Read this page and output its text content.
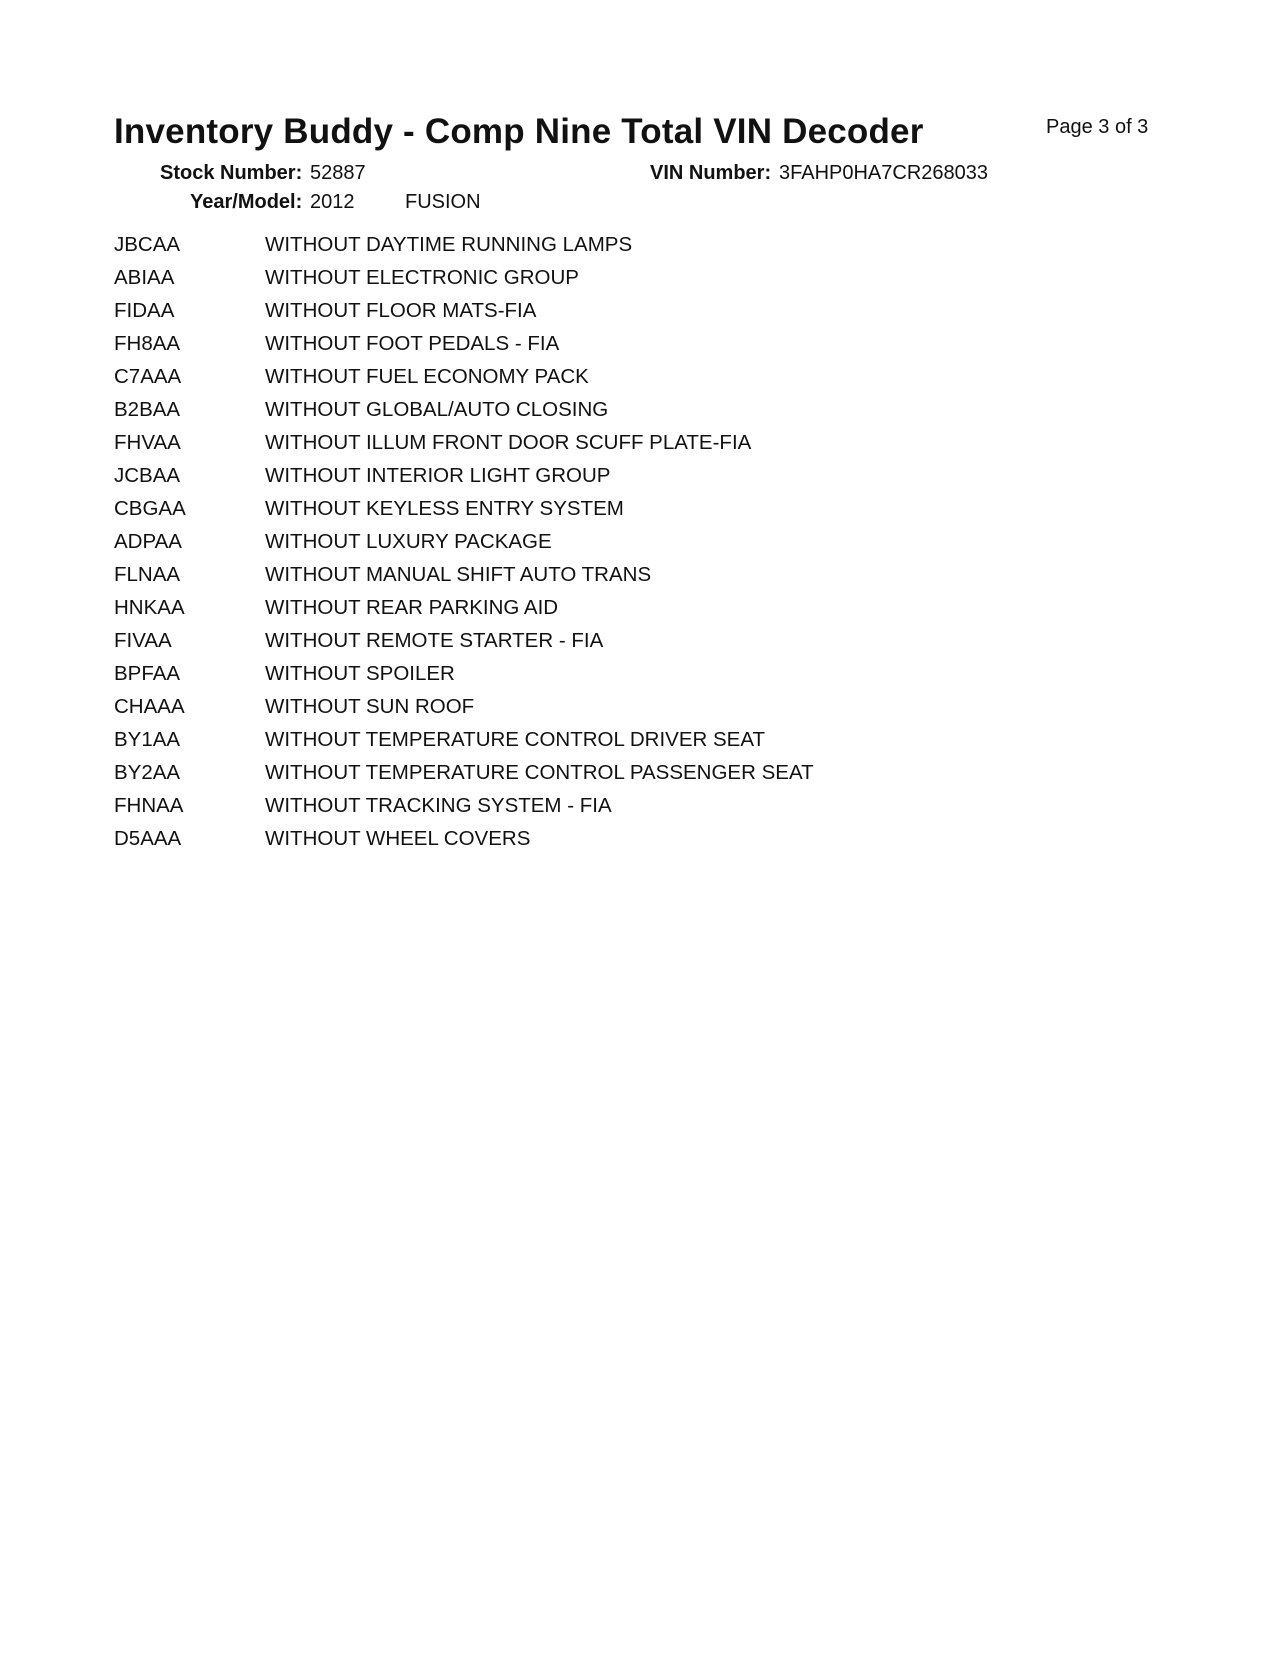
Inventory Buddy - Comp Nine Total VIN Decoder	Page 3 of 3
Stock Number: 52887	VIN Number: 3FAHP0HA7CR268033
Year/Model: 2012	FUSION
JBCAA	WITHOUT DAYTIME RUNNING LAMPS
ABIAA	WITHOUT ELECTRONIC GROUP
FIDAA	WITHOUT FLOOR MATS-FIA
FH8AA	WITHOUT FOOT PEDALS - FIA
C7AAA	WITHOUT FUEL ECONOMY PACK
B2BAA	WITHOUT GLOBAL/AUTO CLOSING
FHVAA	WITHOUT ILLUM FRONT DOOR SCUFF PLATE-FIA
JCBAA	WITHOUT INTERIOR LIGHT GROUP
CBGAA	WITHOUT KEYLESS ENTRY SYSTEM
ADPAA	WITHOUT LUXURY PACKAGE
FLNAA	WITHOUT MANUAL SHIFT AUTO TRANS
HNKAA	WITHOUT REAR PARKING AID
FIVAA	WITHOUT REMOTE STARTER - FIA
BPFAA	WITHOUT SPOILER
CHAAA	WITHOUT SUN ROOF
BY1AA	WITHOUT TEMPERATURE CONTROL DRIVER SEAT
BY2AA	WITHOUT TEMPERATURE CONTROL PASSENGER SEAT
FHNAA	WITHOUT TRACKING SYSTEM - FIA
D5AAA	WITHOUT WHEEL COVERS
